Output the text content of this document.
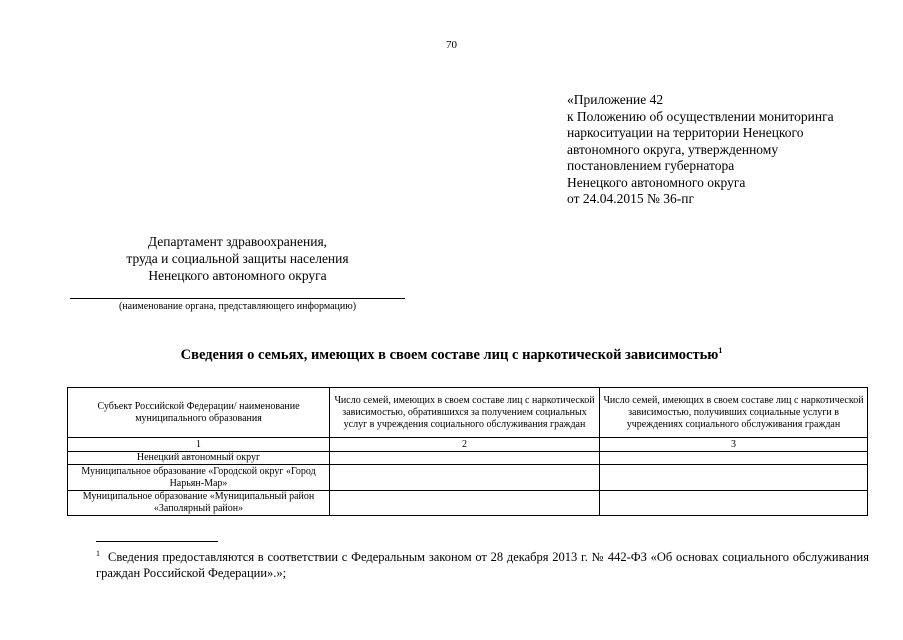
70
«Приложение 42
к Положению об осуществлении мониторинга
наркоситуации на территории Ненецкого
автономного округа, утвержденному
постановлением губернатора
Ненецкого автономного округа
от 24.04.2015 № 36-пг
Департамент здравоохранения,
труда и социальной защиты населения
Ненецкого автономного округа
(наименование органа, представляющего информацию)
Сведения о семьях, имеющих в своем составе лиц с наркотической зависимостью$^1$
Субъект Российской Федерации/ наименование муниципального образования	Число семей, имеющих в своем составе лиц с наркотической зависимостью, обратившихся за получением социальных услуг в учреждения социального обслуживания граждан	Число семей, имеющих в своем составе лиц с наркотической зависимостью, получивших социальные услуги в учреждениях социального обслуживания граждан
1	2	3
Ненецкий автономный округ		
Муниципальное образование «Городской округ «Город Нарьян-Мар»		
Муниципальное образование «Муниципальный район «Заполярный район»		
$^1$ Сведения предоставляются в соответствии с Федеральным законом от 28 декабря 2013 г. № 442-ФЗ «Об основах социального обслуживания граждан Российской Федерации».»;
